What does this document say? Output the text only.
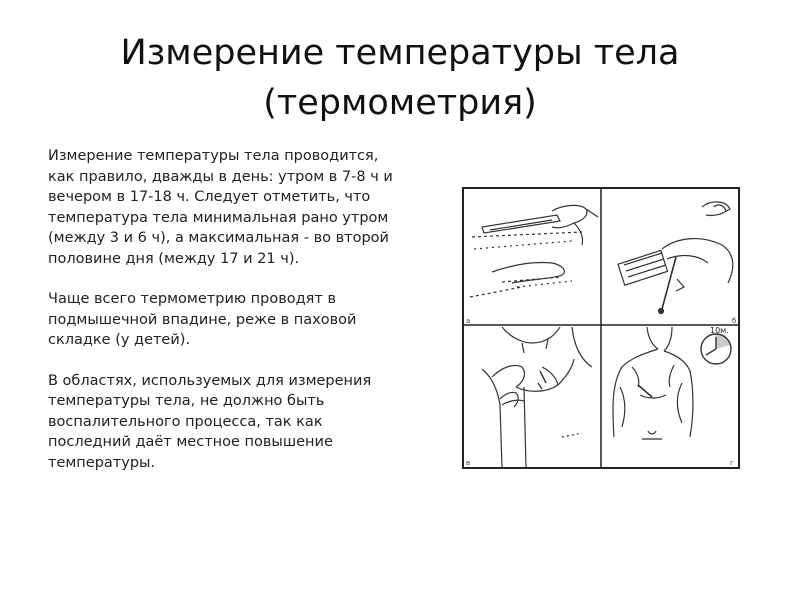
Измерение температуры тела
(термометрия)

Измерение температуры тела проводится, как правило, дважды в день: утром в 7-8 ч и вечером в 17-18 ч. Следует отметить, что температура тела минимальная рано утром (между 3 и 6 ч), а максимальная - во второй половине дня (между 17 и 21 ч).

Чаще всего термометрию проводят в подмышечной впадине, реже в паховой складке (у детей).

В областях, используемых для измерения температуры тела, не должно быть воспалительного процесса, так как последний даёт местное повышение температуры.

б
а
в
10м.
г
